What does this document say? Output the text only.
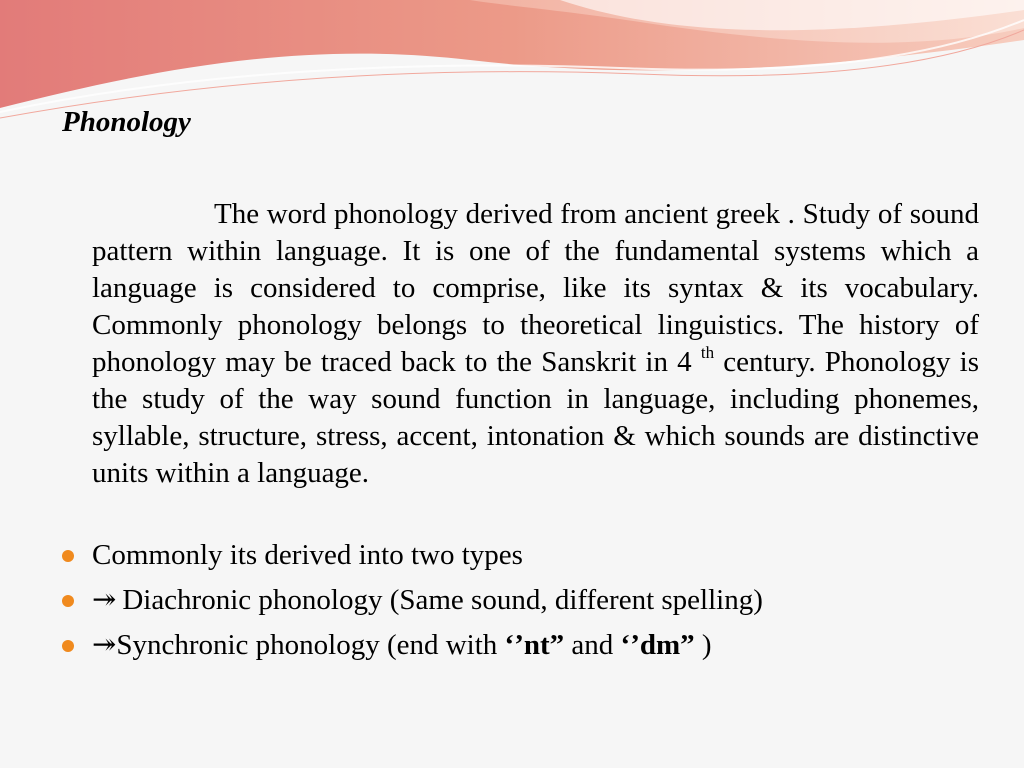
Phonology

The word phonology derived from ancient greek . Study of sound pattern within language. It is one of the fundamental systems which a language is considered to comprise, like its syntax & its vocabulary. Commonly phonology belongs to theoretical linguistics. The history of phonology may be traced back to the Sanskrit in 4 $^{th}$ century. Phonology is the study of the way sound function in language, including phonemes, syllable, structure, stress, accent, intonation & which sounds are distinctive units within a language.

Commonly its derived into two types
↠ Diachronic phonology (Same sound, different spelling)
↠Synchronic phonology (end with ‘’nt” and ‘’dm” )
